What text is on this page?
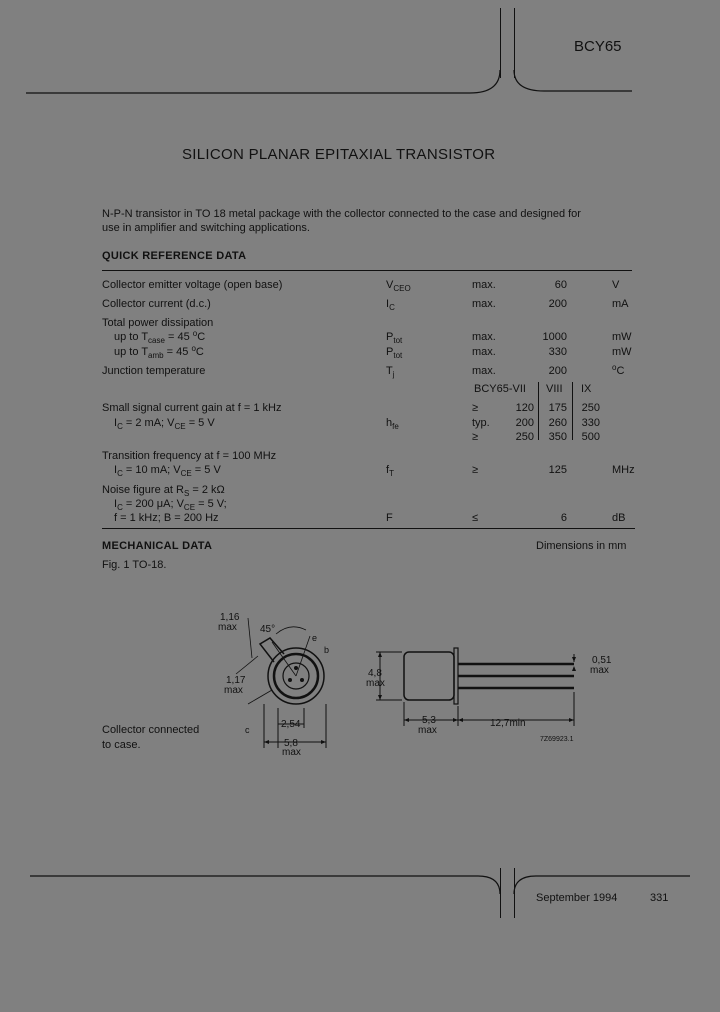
BCY65
SILICON PLANAR EPITAXIAL TRANSISTOR
N-P-N transistor in TO 18 metal package with the collector connected to the case and designed for
use in amplifier and switching applications.
QUICK REFERENCE DATA
Collector emitter voltage (open base)	$V_{CEO}$	max.	60	V
Collector current (d.c.)	$I_C$	max.	200	mA
Total power dissipation
up to $T_{case} = 45$ $^o$C	$P_{tot}$	max.	1000	mW
up to $T_{amb} = 45$ $^o$C	$P_{tot}$	max.	330	mW
Junction temperature	$T_j$	max.	200	$^o$C
BCY65-VII VIII IX
Small signal current gain at f = 1 kHz
$I_C = 2$ mA; $V_{CE} = 5$ V	$h_{fe}$
≥	120	175	250
typ.	200	260	330
≥	250	350	500
Transition frequency at f = 100 MHz
$I_C = 10$ mA; $V_{CE} = 5$ V	$f_T$	≥	125	MHz
Noise figure at $R_S = 2$ kΩ
$I_C = 200$ μA; $V_{CE} = 5$ V;
f = 1 kHz; B = 200 Hz	F	≤	6	dB
MECHANICAL DATA	Dimensions in mm
Fig. 1 TO-18.
1,16
max 45°
e
b
1,17
max
c	2,54
5,8
max
Collector connected
to case.
4,8
max
0,51
max
5,3
max
12,7min
7Z69923.1
September 1994	331
